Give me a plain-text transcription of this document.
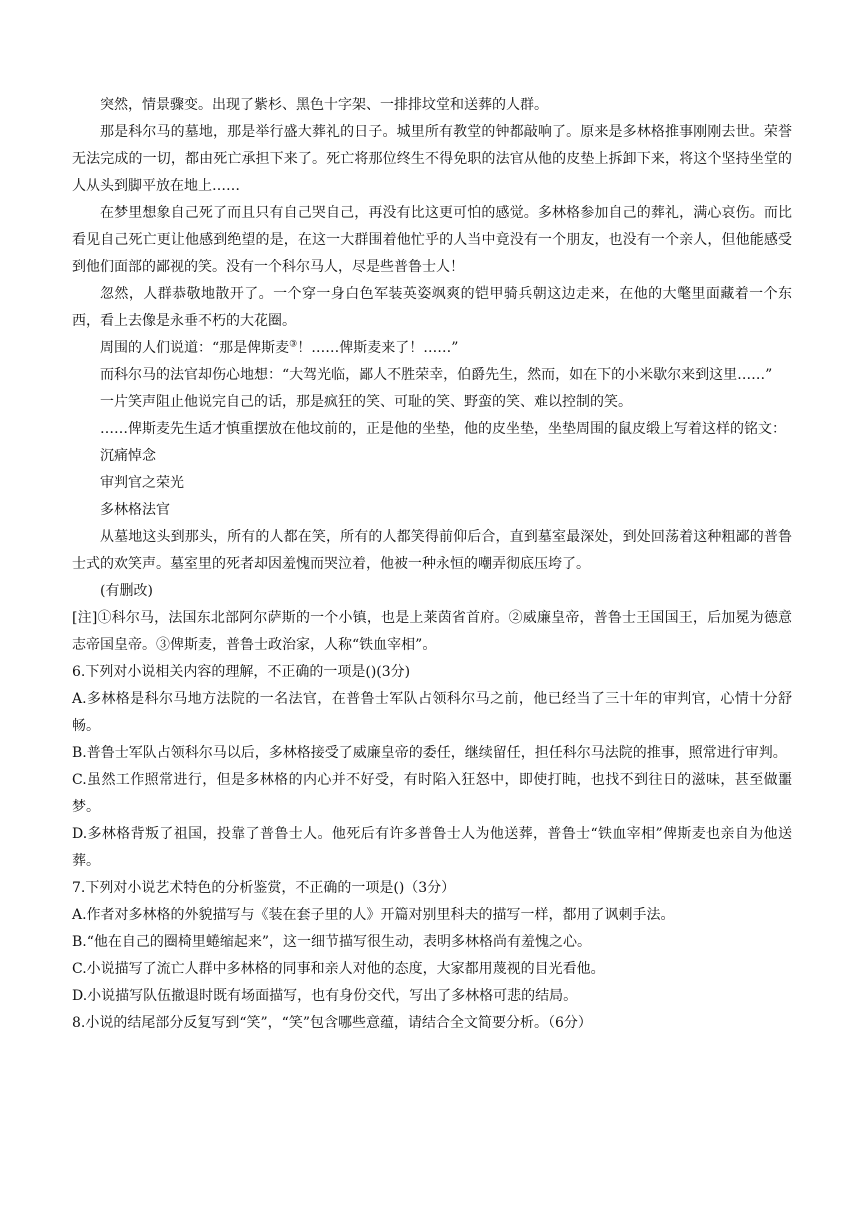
突然，情景骤变。出现了紫杉、黑色十字架、一排排坟堂和送葬的人群。

那是科尔马的墓地，那是举行盛大葬礼的日子。城里所有教堂的钟都敲响了。原来是多林格推事刚刚去世。荣誉无法完成的一切，都由死亡承担下来了。死亡将那位终生不得免职的法官从他的皮垫上拆卸下来，将这个坚持坐堂的人从头到脚平放在地上……

在梦里想象自己死了而且只有自己哭自己，再没有比这更可怕的感觉。多林格参加自己的葬礼，满心哀伤。而比看见自己死亡更让他感到绝望的是，在这一大群围着他忙乎的人当中竟没有一个朋友，也没有一个亲人，但他能感受到他们面部的鄙视的笑。没有一个科尔马人，尽是些普鲁士人！

忽然，人群恭敬地散开了。一个穿一身白色军装英姿飒爽的铠甲骑兵朝这边走来，在他的大氅里面藏着一个东西，看上去像是永垂不朽的大花圈。

周围的人们说道：“那是俾斯麦③！……俾斯麦来了！……”

而科尔马的法官却伤心地想：“大驾光临，鄙人不胜荣幸，伯爵先生，然而，如在下的小米歇尔来到这里……”

一片笑声阻止他说完自己的话，那是疯狂的笑、可耻的笑、野蛮的笑、难以控制的笑。

……俾斯麦先生适才慎重摆放在他坟前的，正是他的坐垫，他的皮坐垫，坐垫周围的鼠皮缎上写着这样的铭文：

沉痛悼念

审判官之荣光

多林格法官

从墓地这头到那头，所有的人都在笑，所有的人都笑得前仰后合，直到墓室最深处，到处回荡着这种粗鄙的普鲁士式的欢笑声。墓室里的死者却因羞愧而哭泣着，他被一种永恒的嘲弄彻底压垮了。

(有删改)

[注]①科尔马，法国东北部阿尔萨斯的一个小镇，也是上莱茵省首府。②威廉皇帝，普鲁士王国国王，后加冕为德意志帝国皇帝。③俾斯麦，普鲁士政治家，人称“铁血宰相”。

6.下列对小说相关内容的理解，不正确的一项是()(3分)

A.多林格是科尔马地方法院的一名法官，在普鲁士军队占领科尔马之前，他已经当了三十年的审判官，心情十分舒畅。

B.普鲁士军队占领科尔马以后，多林格接受了威廉皇帝的委任，继续留任，担任科尔马法院的推事，照常进行审判。

C.虽然工作照常进行，但是多林格的内心并不好受，有时陷入狂怒中，即使打盹，也找不到往日的滋味，甚至做噩梦。

D.多林格背叛了祖国，投靠了普鲁士人。他死后有许多普鲁士人为他送葬，普鲁士“铁血宰相”俾斯麦也亲自为他送葬。

7.下列对小说艺术特色的分析鉴赏，不正确的一项是()（3分）

A.作者对多林格的外貌描写与《装在套子里的人》开篇对别里科夫的描写一样，都用了讽刺手法。

B.“他在自己的圈椅里蜷缩起来”，这一细节描写很生动，表明多林格尚有羞愧之心。

C.小说描写了流亡人群中多林格的同事和亲人对他的态度，大家都用蔑视的目光看他。

D.小说描写队伍撤退时既有场面描写，也有身份交代，写出了多林格可悲的结局。

8.小说的结尾部分反复写到“笑”，“笑”包含哪些意蕴，请结合全文简要分析。（6分）
